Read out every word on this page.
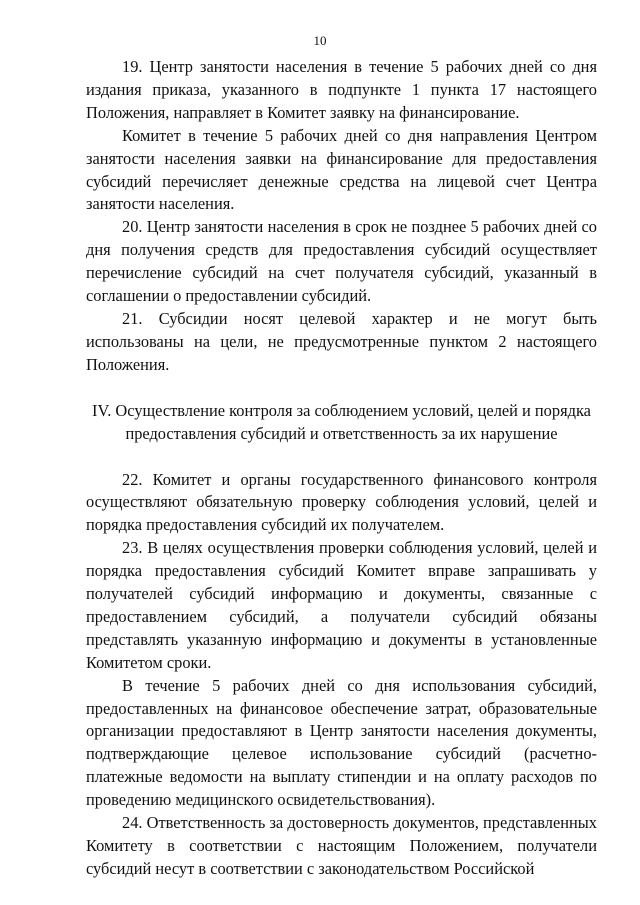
10

19. Центр занятости населения в течение 5 рабочих дней со дня издания приказа, указанного в подпункте 1 пункта 17 настоящего Положения, направляет в Комитет заявку на финансирование.

Комитет в течение 5 рабочих дней со дня направления Центром занятости населения заявки на финансирование для предоставления субсидий перечисляет денежные средства на лицевой счет Центра занятости населения.

20. Центр занятости населения в срок не позднее 5 рабочих дней со дня получения средств для предоставления субсидий осуществляет перечисление субсидий на счет получателя субсидий, указанный в соглашении о предоставлении субсидий.

21. Субсидии носят целевой характер и не могут быть использованы на цели, не предусмотренные пунктом 2 настоящего Положения.

IV. Осуществление контроля за соблюдением условий, целей и порядка
предоставления субсидий и ответственность за их нарушение

22. Комитет и органы государственного финансового контроля осуществляют обязательную проверку соблюдения условий, целей и порядка предоставления субсидий их получателем.

23. В целях осуществления проверки соблюдения условий, целей и порядка предоставления субсидий Комитет вправе запрашивать у получателей субсидий информацию и документы, связанные с предоставлением субсидий, а получатели субсидий обязаны представлять указанную информацию и документы в установленные Комитетом сроки.

В течение 5 рабочих дней со дня использования субсидий, предоставленных на финансовое обеспечение затрат, образовательные организации предоставляют в Центр занятости населения документы, подтверждающие целевое использование субсидий (расчетно-платежные ведомости на выплату стипендии и на оплату расходов по проведению медицинского освидетельствования).

24. Ответственность за достоверность документов, представленных Комитету в соответствии с настоящим Положением, получатели субсидий несут в соответствии с законодательством Российской
